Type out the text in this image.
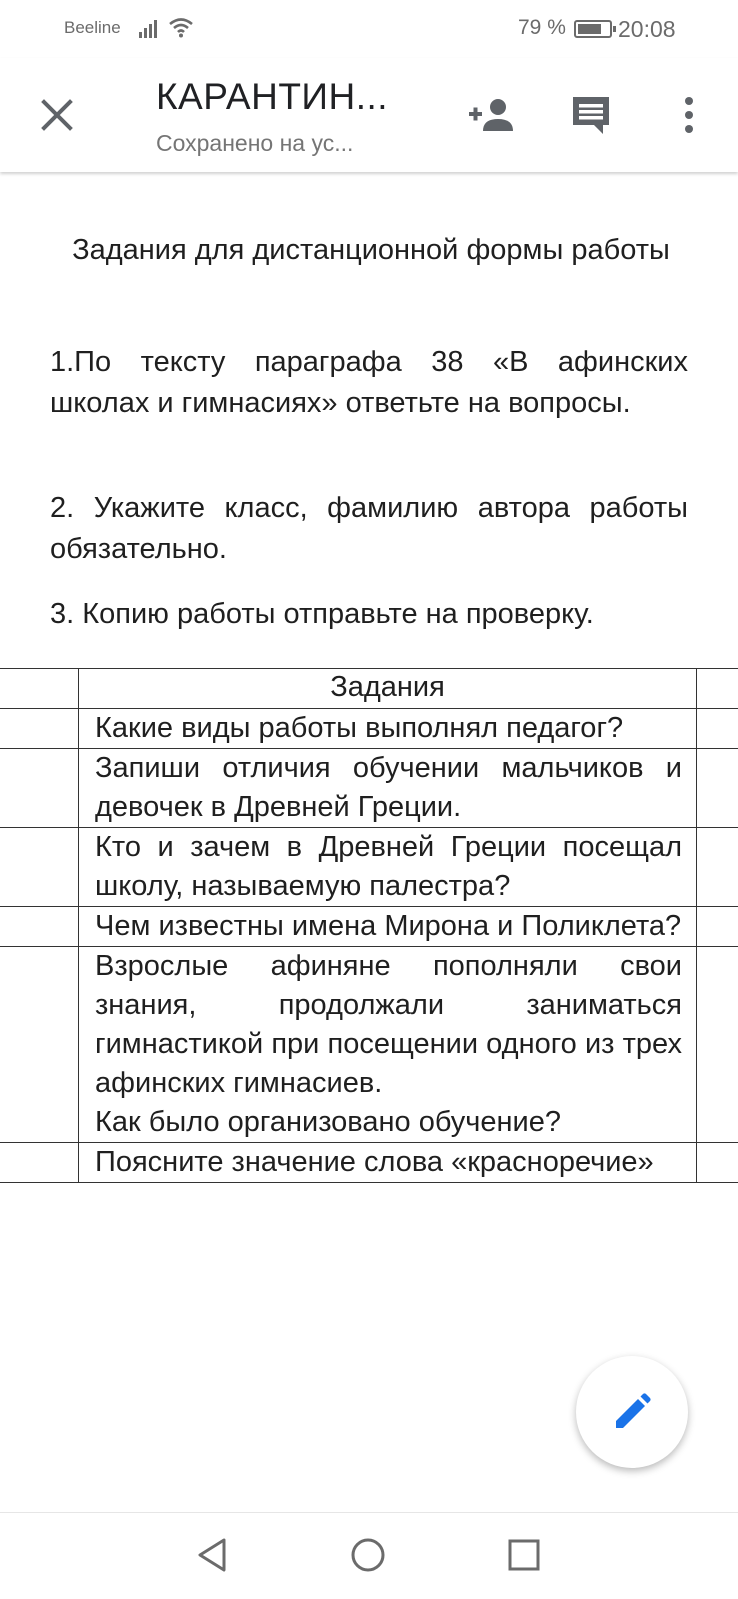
Beeline	79 % 20:08
КАРАНТИН...
Сохранено на ус...
Задания для дистанционной формы работы
1.По тексту параграфа 38 «В афинских школах и гимнасиях» ответьте на вопросы.
2. Укажите класс, фамилию автора работы обязательно.
3. Копию работы отправьте на проверку.
	Задания	
	Какие виды работы выполнял педагог?	
	Запиши отличия обучении мальчиков и девочек в Древней Греции.	
	Кто и зачем в Древней Греции посещал школу, называемую палестра?	
	Чем известны имена Мирона и Поликлета?	
	Взрослые афиняне пополняли свои знания, продолжали заниматься гимнастикой при посещении одного из трех афинских гимнасиев.
Как было организовано обучение?	

	Поясните значение слова «красноречие»	
